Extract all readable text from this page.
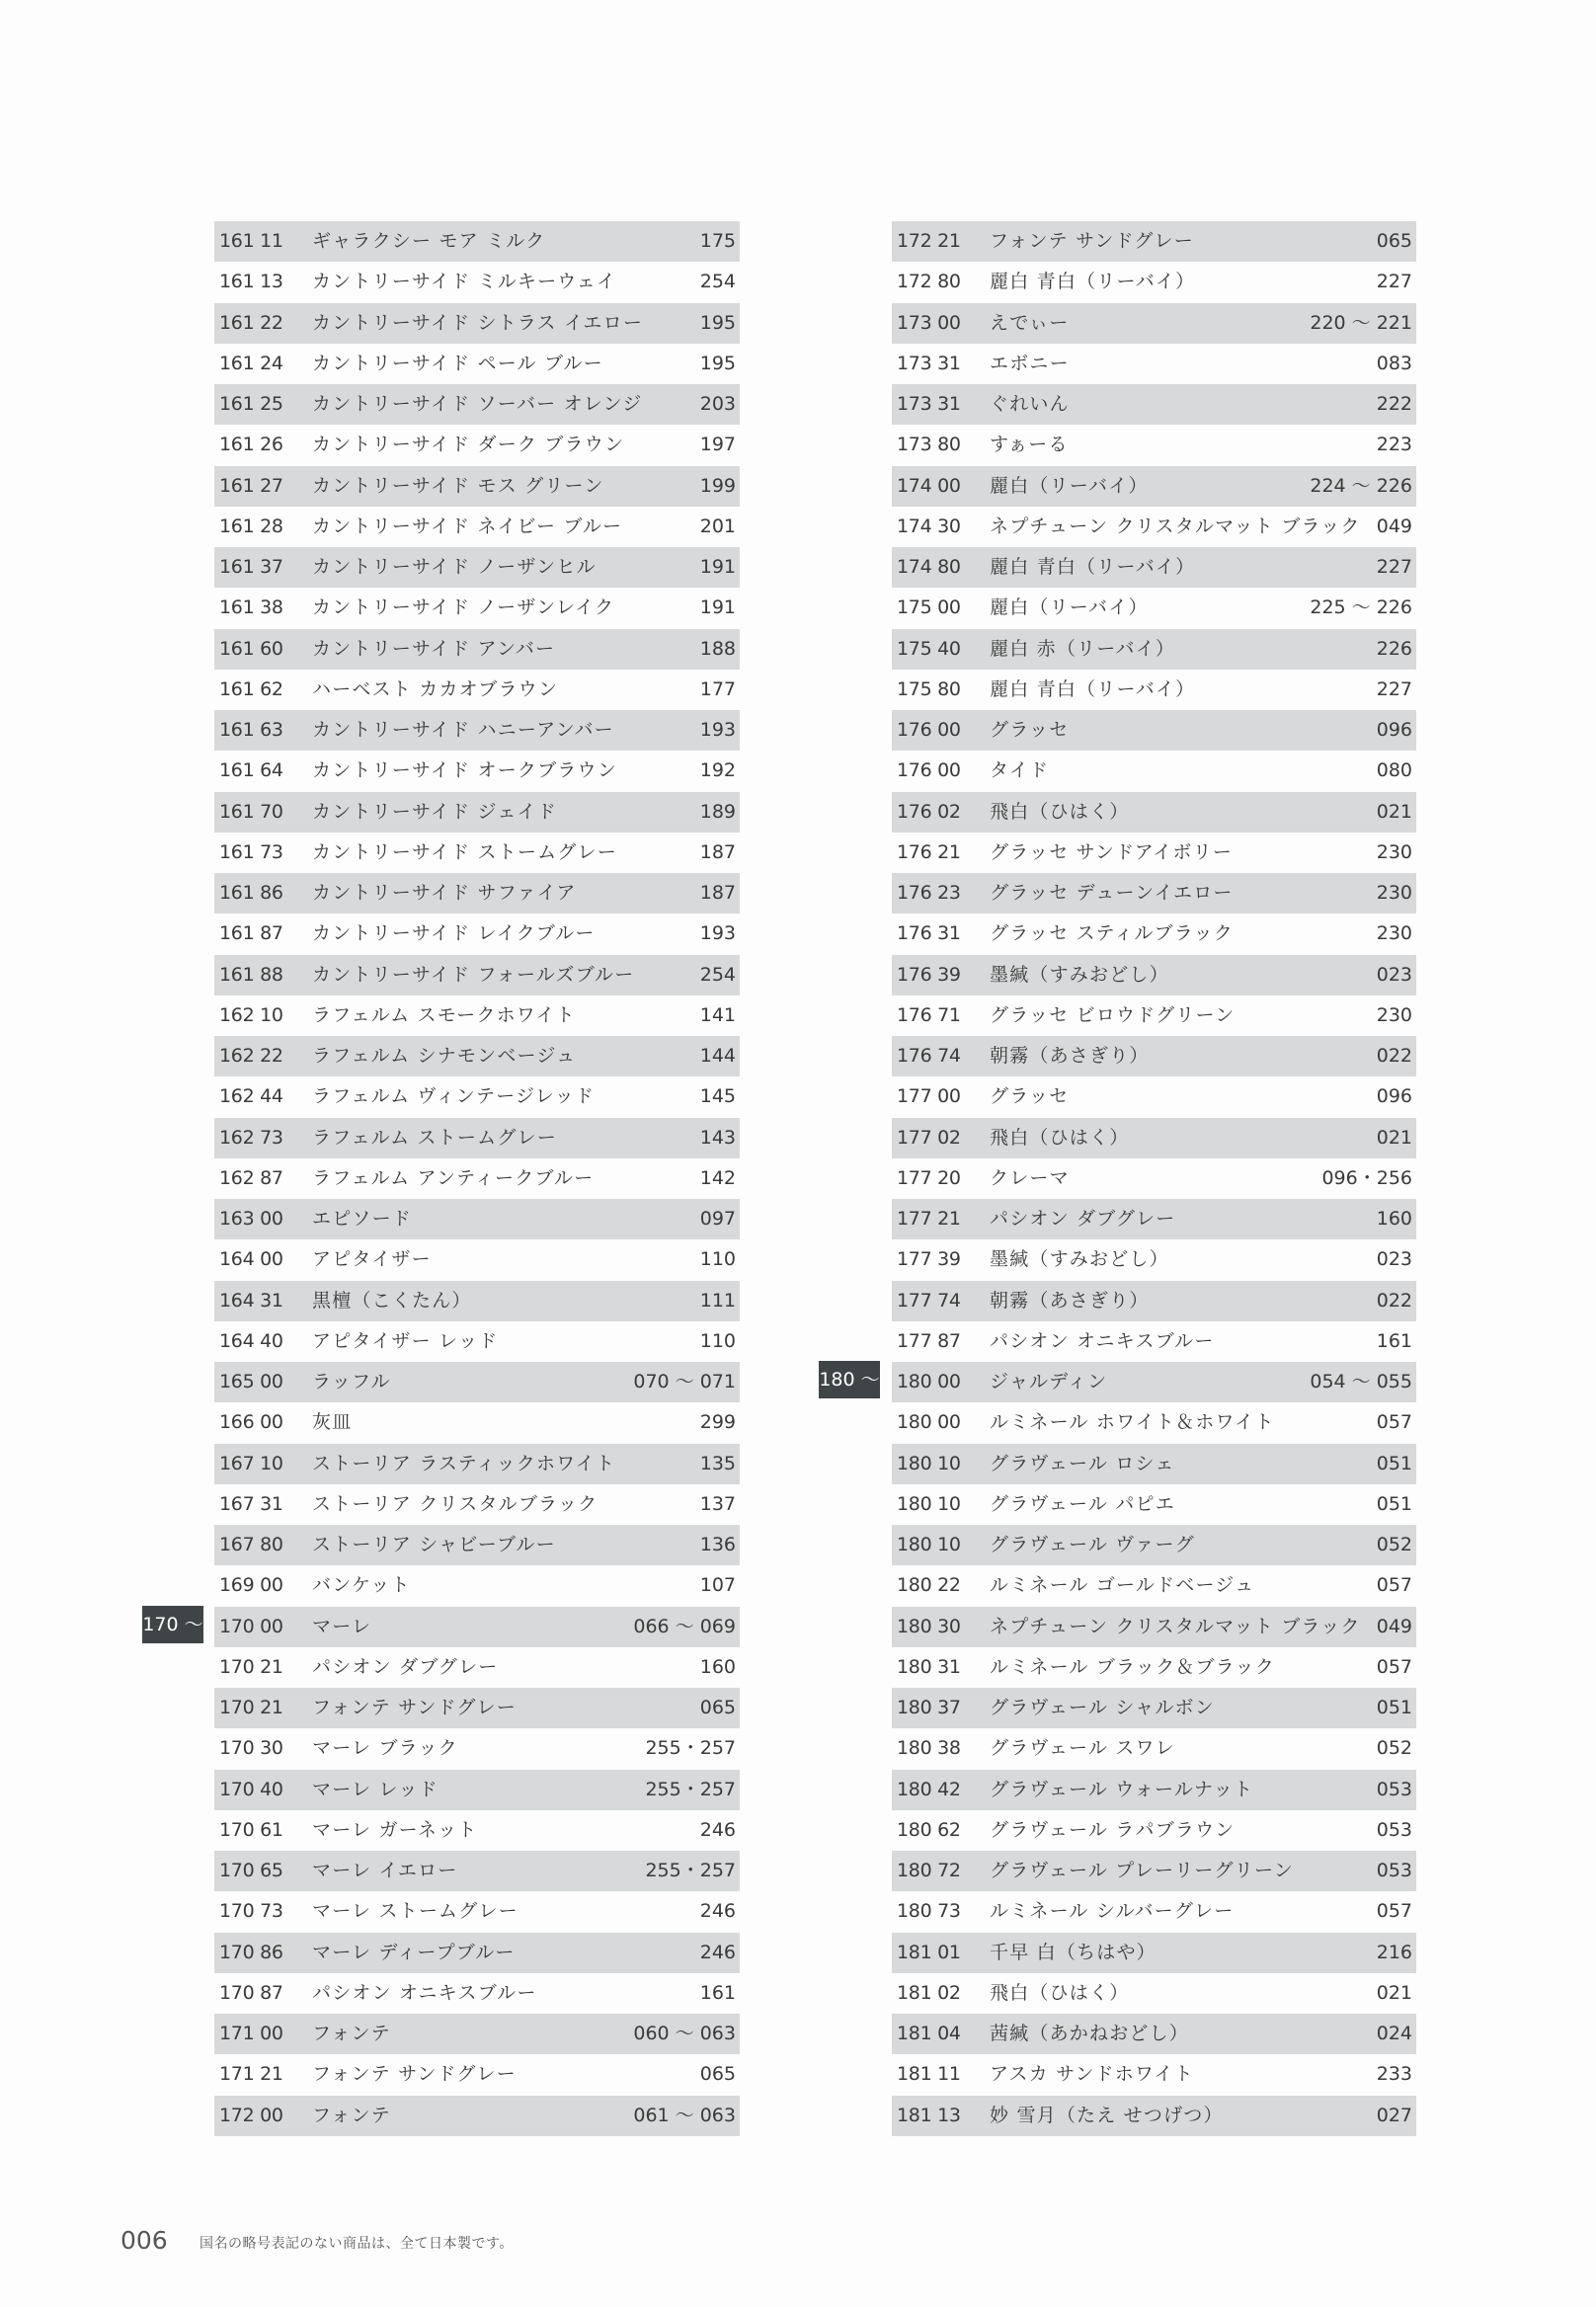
161 11 ギャラクシー モア ミルク	175
161 13 カントリーサイド ミルキーウェイ	254
161 22 カントリーサイド シトラス イエロー	195
161 24 カントリーサイド ペール ブルー	195
161 25 カントリーサイド ソーバー オレンジ	203
161 26 カントリーサイド ダーク ブラウン	197
161 27 カントリーサイド モス グリーン	199
161 28 カントリーサイド ネイビー ブルー	201
161 37 カントリーサイド ノーザンヒル	191
161 38 カントリーサイド ノーザンレイク	191
161 60 カントリーサイド アンバー	188
161 62 ハーベスト カカオブラウン	177
161 63 カントリーサイド ハニーアンバー	193
161 64 カントリーサイド オークブラウン	192
161 70 カントリーサイド ジェイド	189
161 73 カントリーサイド ストームグレー	187
161 86 カントリーサイド サファイア	187
161 87 カントリーサイド レイクブルー	193
161 88 カントリーサイド フォールズブルー	254
162 10 ラフェルム スモークホワイト	141
162 22 ラフェルム シナモンベージュ	144
162 44 ラフェルム ヴィンテージレッド	145
162 73 ラフェルム ストームグレー	143
162 87 ラフェルム アンティークブルー	142
163 00 エピソード	097
164 00 アピタイザー	110
164 31 黒檀（こくたん）	111
164 40 アピタイザー レッド	110
165 00 ラッフル	070 ～ 071
166 00 灰皿	299
167 10 ストーリア ラスティックホワイト	135
167 31 ストーリア クリスタルブラック	137
167 80 ストーリア シャビーブルー	136
169 00 バンケット	107
170 00 マーレ	066 ～ 069
170 21 パシオン ダブグレー	160
170 21 フォンテ サンドグレー	065
170 30 マーレ ブラック	255・257
170 40 マーレ レッド	255・257
170 61 マーレ ガーネット	246
170 65 マーレ イエロー	255・257
170 73 マーレ ストームグレー	246
170 86 マーレ ディープブルー	246
170 87 パシオン オニキスブルー	161
171 00 フォンテ	060 ～ 063
171 21 フォンテ サンドグレー	065
172 00 フォンテ	061 ～ 063
172 21 フォンテ サンドグレー	065
172 80 麗白 青白（リーバイ）	227
173 00 えでぃー	220 ～ 221
173 31 エボニー	083
173 31 ぐれいん	222
173 80 すぁーる	223
174 00 麗白（リーバイ）	224 ～ 226
174 30 ネプチューン クリスタルマット ブラック 049
174 80 麗白 青白（リーバイ）	227
175 00 麗白（リーバイ）	225 ～ 226
175 40 麗白 赤（リーバイ）	226
175 80 麗白 青白（リーバイ）	227
176 00 グラッセ	096
176 00 タイド	080
176 02 飛白（ひはく）	021
176 21 グラッセ サンドアイボリー	230
176 23 グラッセ デューンイエロー	230
176 31 グラッセ スティルブラック	230
176 39 墨緘（すみおどし）	023
176 71 グラッセ ビロウドグリーン	230
176 74 朝霧（あさぎり）	022
177 00 グラッセ	096
177 02 飛白（ひはく）	021
177 20 クレーマ	096・256
177 21 パシオン ダブグレー	160
177 39 墨緘（すみおどし）	023
177 74 朝霧（あさぎり）	022
177 87 パシオン オニキスブルー	161
180 00 ジャルディン	054 ～ 055
180 00 ルミネール ホワイト＆ホワイト	057
180 10 グラヴェール ロシェ	051
180 10 グラヴェール パピエ	051
180 10 グラヴェール ヴァーグ	052
180 22 ルミネール ゴールドベージュ	057
180 30 ネプチューン クリスタルマット ブラック 049
180 31 ルミネール ブラック＆ブラック	057
180 37 グラヴェール シャルボン	051
180 38 グラヴェール スワレ	052
180 42 グラヴェール ウォールナット	053
180 62 グラヴェール ラパブラウン	053
180 72 グラヴェール プレーリーグリーン	053
180 73 ルミネール シルバーグレー	057
181 01 千早 白（ちはや）	216
181 02 飛白（ひはく）	021
181 04 茜緘（あかねおどし）	024
181 11 アスカ サンドホワイト	233
181 13 妙 雪月（たえ せつげつ）	027
170 ～
180 ～
006 国名の略号表記のない商品は、全て日本製です。
